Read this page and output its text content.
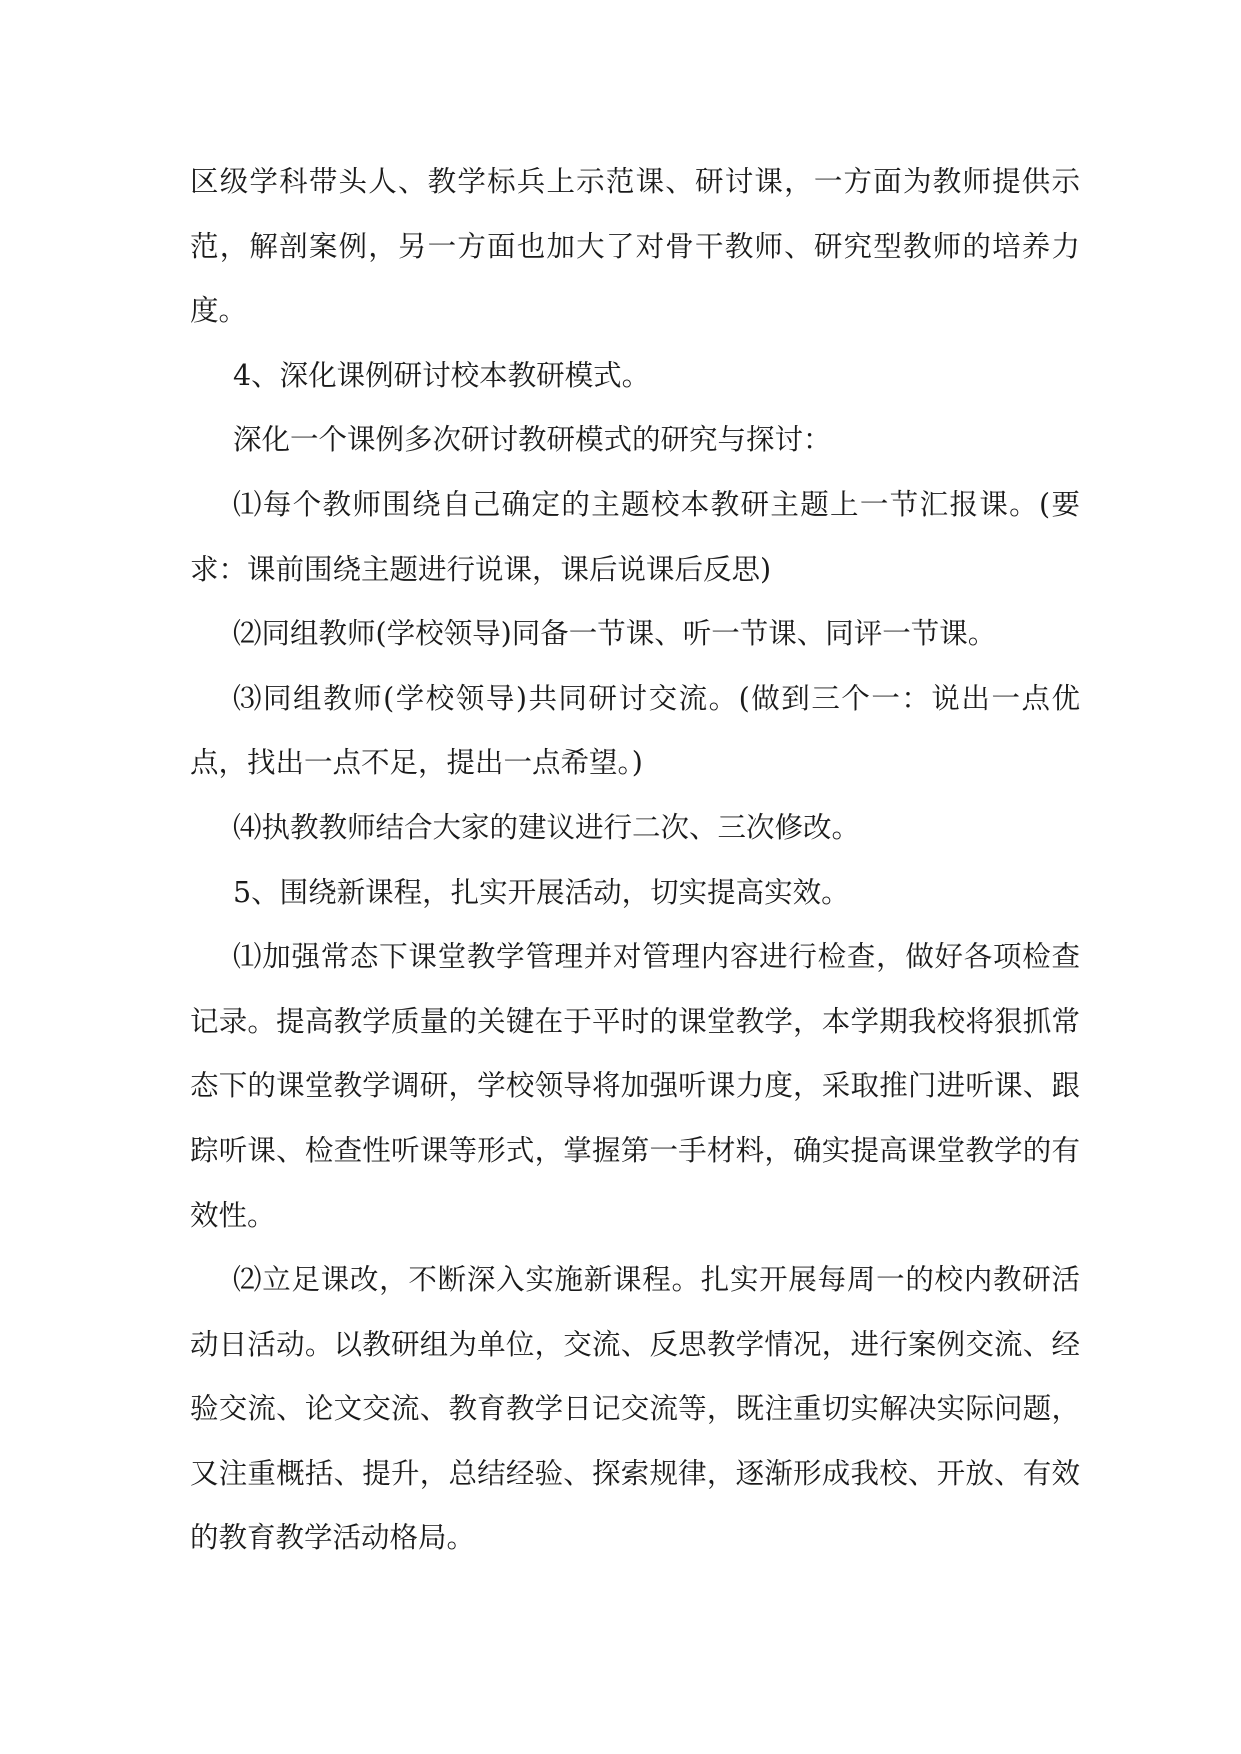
区级学科带头人、教学标兵上示范课、研讨课，一方面为教师提供示范，解剖案例，另一方面也加大了对骨干教师、研究型教师的培养力度。

4、深化课例研讨校本教研模式。

深化一个课例多次研讨教研模式的研究与探讨：

⑴每个教师围绕自己确定的主题校本教研主题上一节汇报课。(要求：课前围绕主题进行说课，课后说课后反思)

⑵同组教师(学校领导)同备一节课、听一节课、同评一节课。

⑶同组教师(学校领导)共同研讨交流。(做到三个一：说出一点优点，找出一点不足，提出一点希望。)

⑷执教教师结合大家的建议进行二次、三次修改。

5、围绕新课程，扎实开展活动，切实提高实效。

⑴加强常态下课堂教学管理并对管理内容进行检查，做好各项检查记录。提高教学质量的关键在于平时的课堂教学，本学期我校将狠抓常态下的课堂教学调研，学校领导将加强听课力度，采取推门进听课、跟踪听课、检查性听课等形式，掌握第一手材料，确实提高课堂教学的有效性。

⑵立足课改，不断深入实施新课程。扎实开展每周一的校内教研活动日活动。以教研组为单位，交流、反思教学情况，进行案例交流、经验交流、论文交流、教育教学日记交流等，既注重切实解决实际问题，又注重概括、提升，总结经验、探索规律，逐渐形成我校、开放、有效的教育教学活动格局。
